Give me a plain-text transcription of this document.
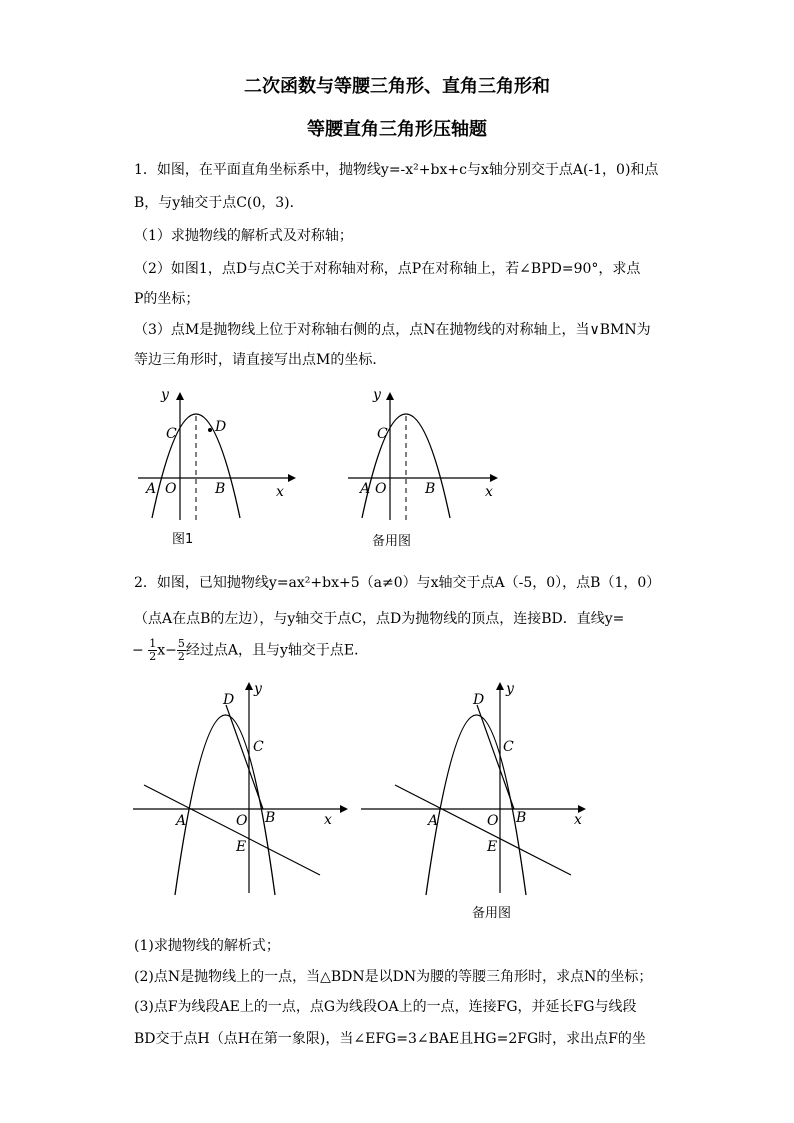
二次函数与等腰三角形、直角三角形和
等腰直角三角形压轴题
1．如图，在平面直角坐标系中，抛物线y=-x²+bx+c与x轴分别交于点A(-1，0)和点
B，与y轴交于点C(0，3)．
（1）求抛物线的解析式及对称轴；
（2）如图1，点D与点C关于对称轴对称，点P在对称轴上，若∠BPD=90°，求点
P的坐标；
（3）点M是抛物线上位于对称轴右侧的点，点N在抛物线的对称轴上，当∨BMN为
等边三角形时，请直接写出点M的坐标．
y
C	D
A O	B	x
图1
y
C
A O	B	x
备用图
2．如图，已知抛物线y=ax²+bx+5（a≠0）与x轴交于点A（-5，0），点B（1，0）
（点A在点B的左边），与y轴交于点C，点D为抛物线的顶点，连接BD．直线y=
− $\frac{1}{2} x- \frac{5}{2}$ 经过点A，且与y轴交于点E．
y
D
C
A	O B
E
x
y
D
C
A	O B
E
x
备用图
(1)求抛物线的解析式；
(2)点N是抛物线上的一点，当△BDN是以DN为腰的等腰三角形时，求点N的坐标；
(3)点F为线段AE上的一点，点G为线段OA上的一点，连接FG，并延长FG与线段
BD交于点H（点H在第一象限)，当∠EFG=3∠BAE且HG=2FG时，求出点F的坐
